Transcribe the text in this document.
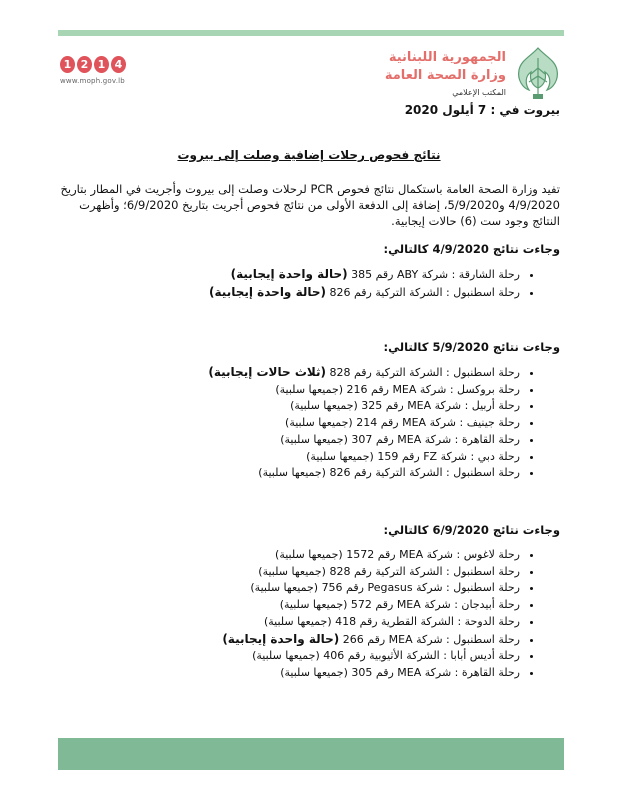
1 2 1 4
www.moph.gov.lb
الجمهورية اللبنانية
وزارة الصحة العامة
المكتب الإعلامي
بيروت في : 7 أيلول 2020
نتائج فحوص رحلات إضافية وصلت إلى بيروت
تفيد وزارة الصحة العامة باستكمال نتائج فحوص PCR لرحلات وصلت إلى بيروت وأجريت في المطار بتاريخ 4/9/2020 و5/9/2020، إضافة إلى الدفعة الأولى من نتائج فحوص أجريت بتاريخ 6/9/2020؛ وأظهرت النتائج وجود ست (6) حالات إيجابية.
وجاءت نتائج 4/9/2020 كالتالي:
• رحلة الشارقة : شركة ABY رقم 385 (حالة واحدة إيجابية)
• رحلة اسطنبول : الشركة التركية رقم 826 (حالة واحدة إيجابية)
وجاءت نتائج 5/9/2020 كالتالي:
• رحلة اسطنبول : الشركة التركية رقم 828 (ثلاث حالات إيجابية)
• رحلة بروكسل : شركة MEA رقم 216 (جميعها سلبية)
• رحلة أربيل : شركة MEA رقم 325 (جميعها سلبية)
• رحلة جينيف : شركة MEA رقم 214 (جميعها سلبية)
• رحلة القاهرة : شركة MEA رقم 307 (جميعها سلبية)
• رحلة دبي : شركة FZ رقم 159 (جميعها سلبية)
• رحلة اسطنبول : الشركة التركية رقم 826 (جميعها سلبية)
وجاءت نتائج 6/9/2020 كالتالي:
• رحلة لاغوس : شركة MEA رقم 1572 (جميعها سلبية)
• رحلة اسطنبول : الشركة التركية رقم 828 (جميعها سلبية)
• رحلة اسطنبول : شركة Pegasus رقم 756 (جميعها سلبية)
• رحلة أبيدجان : شركة MEA رقم 572 (جميعها سلبية)
• رحلة الدوحة : الشركة القطرية رقم 418 (جميعها سلبية)
• رحلة اسطنبول : شركة MEA رقم 266 (حالة واحدة إيجابية)
• رحلة أديس أبابا : الشركة الأثيوبية رقم 406 (جميعها سلبية)
• رحلة القاهرة : شركة MEA رقم 305 (جميعها سلبية)
